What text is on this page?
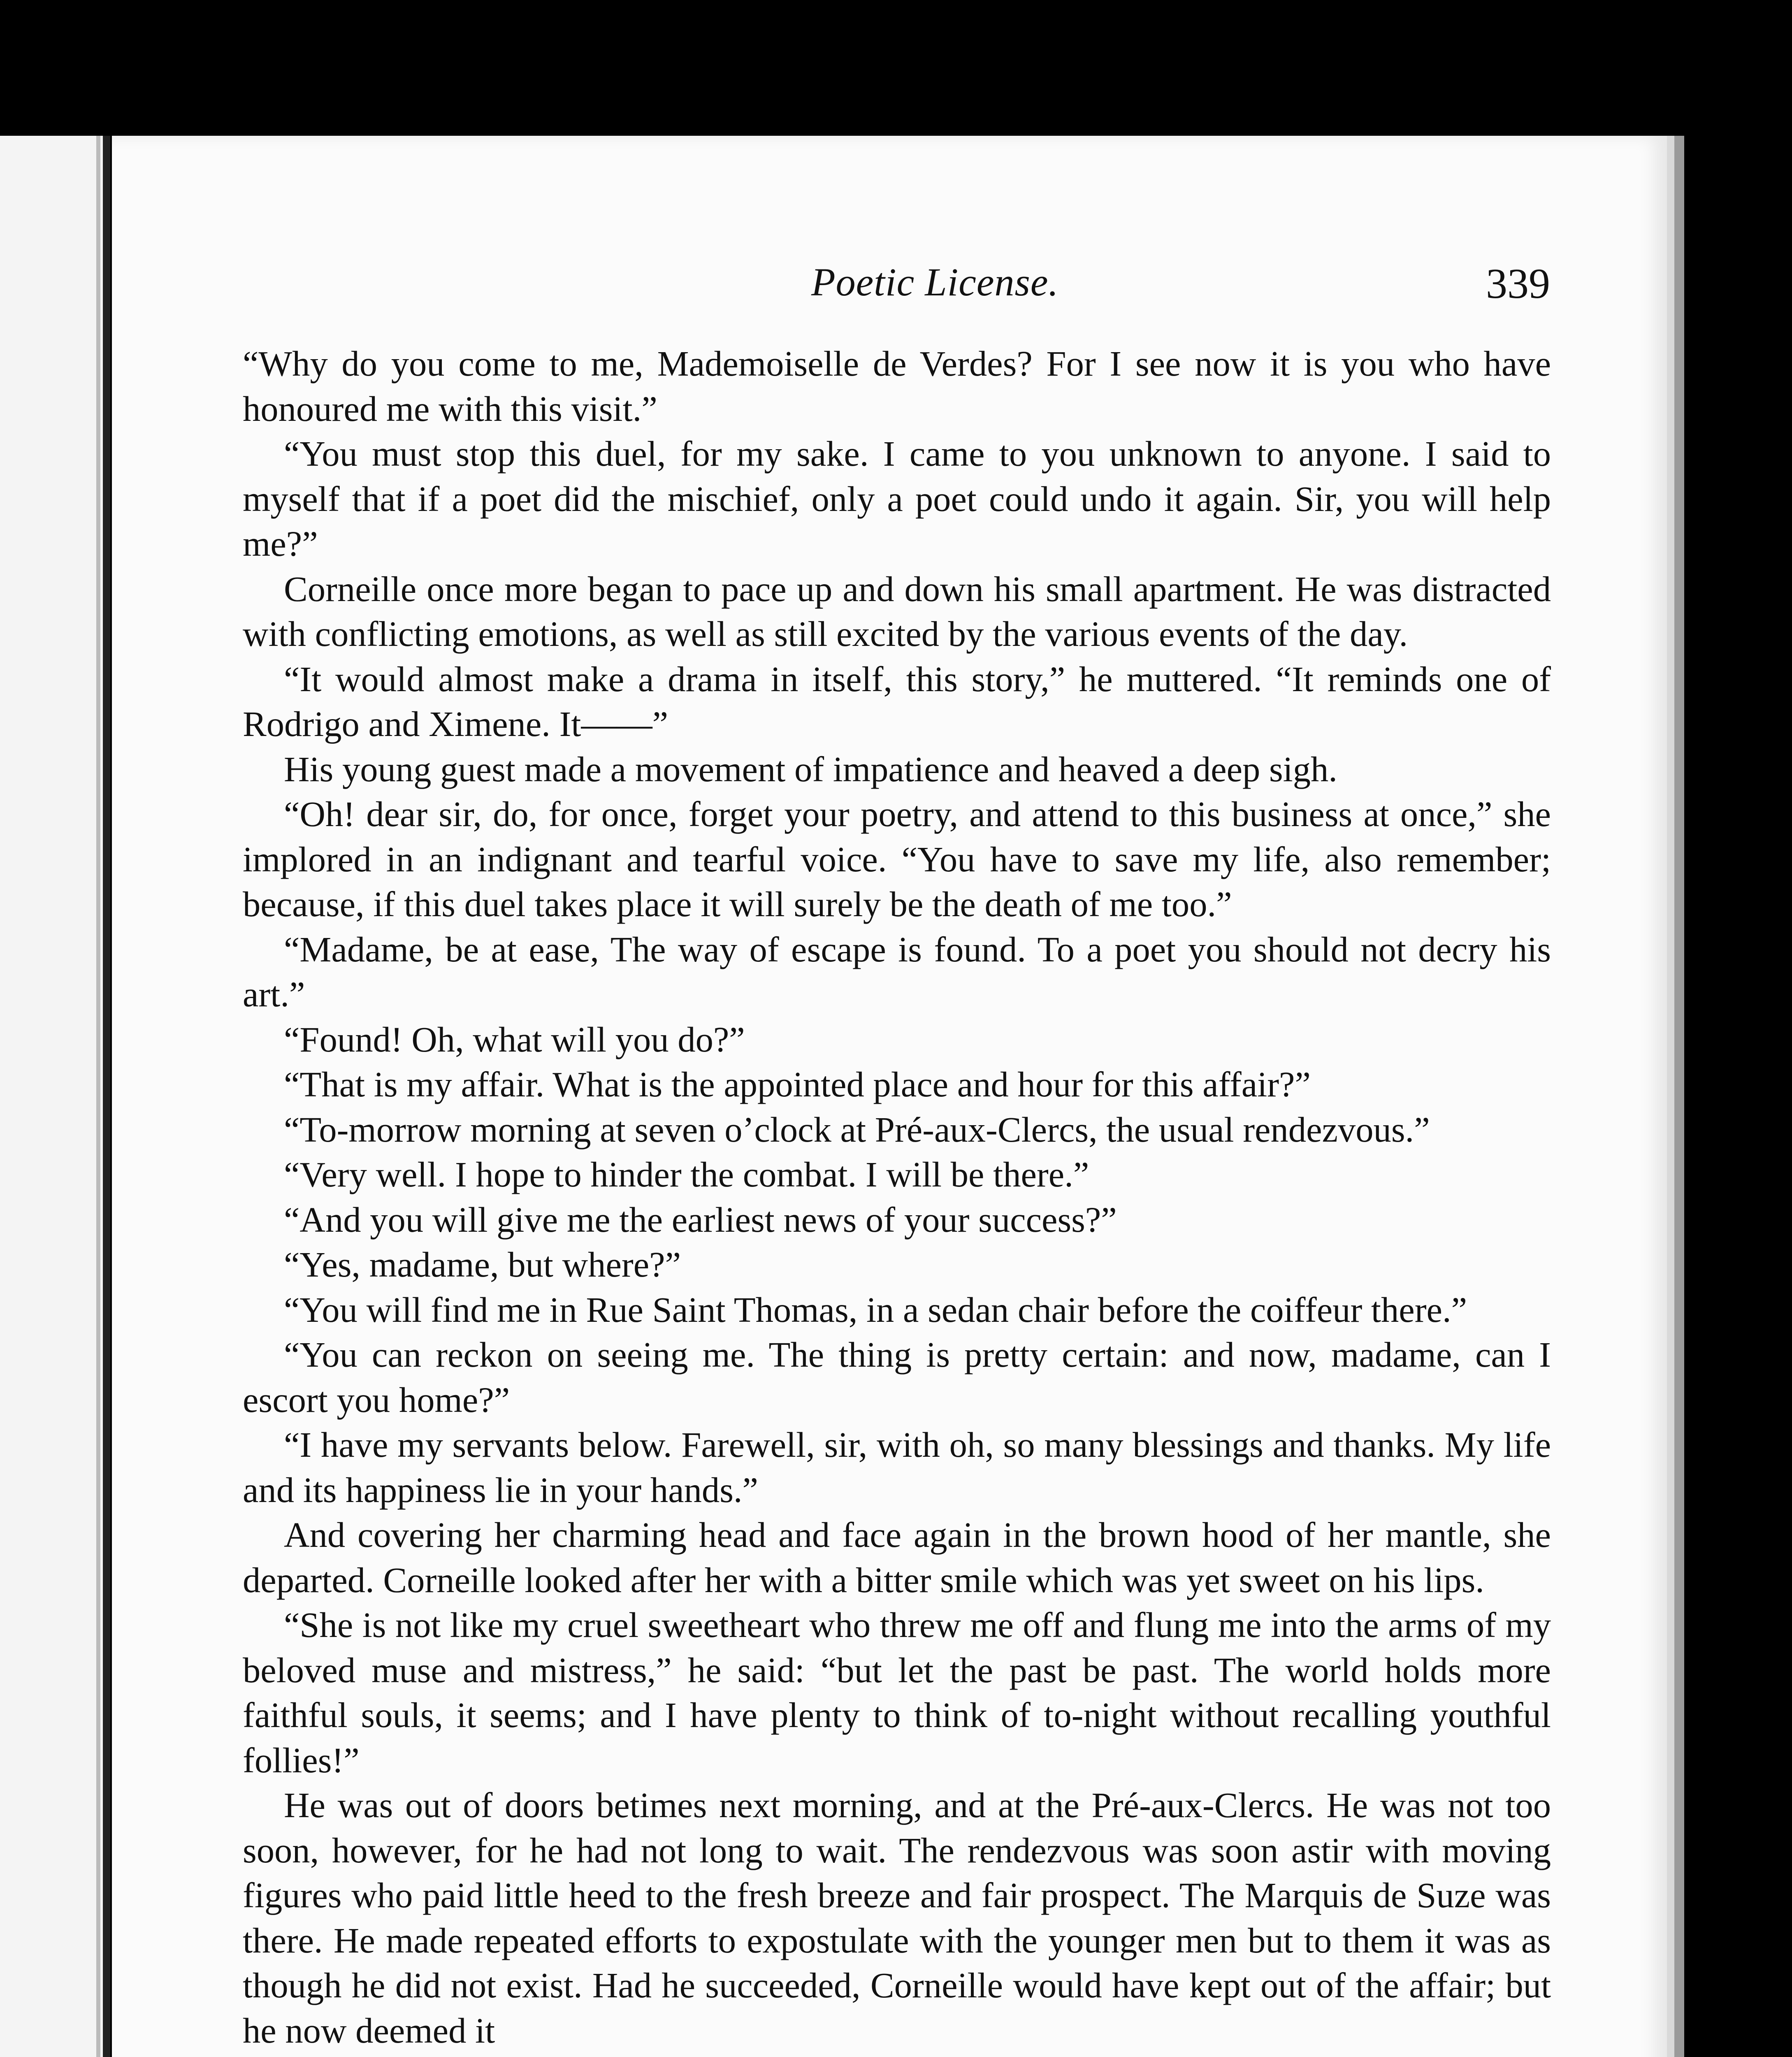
Poetic License.	339

“Why do you come to me, Mademoiselle de Verdes? For I see now it is you who have honoured me with this visit.”

“You must stop this duel, for my sake. I came to you unknown to anyone. I said to myself that if a poet did the mischief, only a poet could undo it again. Sir, you will help me?”

Corneille once more began to pace up and down his small apartment. He was distracted with conflicting emotions, as well as still excited by the various events of the day.

“It would almost make a drama in itself, this story,” he muttered. “It reminds one of Rodrigo and Ximene. It——”

His young guest made a movement of impatience and heaved a deep sigh.

“Oh! dear sir, do, for once, forget your poetry, and attend to this business at once,” she implored in an indignant and tearful voice. “You have to save my life, also remember; because, if this duel takes place it will surely be the death of me too.”

“Madame, be at ease, The way of escape is found. To a poet you should not decry his art.”

“Found! Oh, what will you do?”

“That is my affair. What is the appointed place and hour for this affair?”

“To-morrow morning at seven o’clock at Pré-aux-Clercs, the usual rendezvous.”

“Very well. I hope to hinder the combat. I will be there.”

“And you will give me the earliest news of your success?”

“Yes, madame, but where?”

“You will find me in Rue Saint Thomas, in a sedan chair before the coiffeur there.”

“You can reckon on seeing me. The thing is pretty certain: and now, madame, can I escort you home?”

“I have my servants below. Farewell, sir, with oh, so many blessings and thanks. My life and its happiness lie in your hands.”

And covering her charming head and face again in the brown hood of her mantle, she departed. Corneille looked after her with a bitter smile which was yet sweet on his lips.

“She is not like my cruel sweetheart who threw me off and flung me into the arms of my beloved muse and mistress,” he said: “but let the past be past. The world holds more faithful souls, it seems; and I have plenty to think of to-night without recalling youthful follies!”

He was out of doors betimes next morning, and at the Pré-aux-Clercs. He was not too soon, however, for he had not long to wait. The rendezvous was soon astir with moving figures who paid little heed to the fresh breeze and fair prospect. The Marquis de Suze was there. He made repeated efforts to expostulate with the younger men but to them it was as though he did not exist. Had he succeeded, Corneille would have kept out of the affair; but he now deemed it
